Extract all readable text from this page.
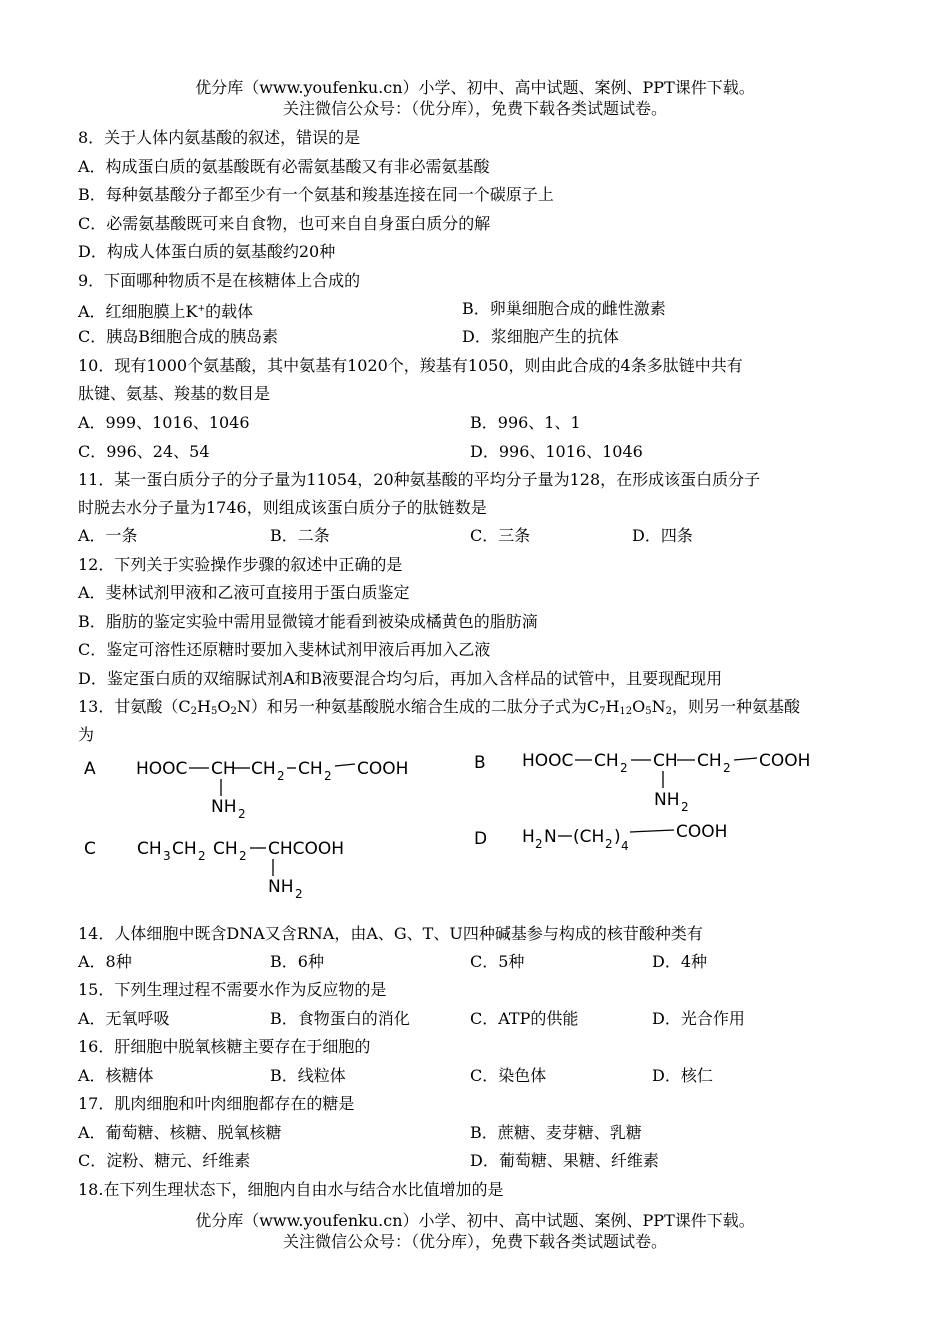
优分库（www.youfenku.cn）小学、初中、高中试题、案例、PPT课件下载。
关注微信公众号：（优分库），免费下载各类试题试卷。
8．关于人体内氨基酸的叙述，错误的是
A．构成蛋白质的氨基酸既有必需氨基酸又有非必需氨基酸
B．每种氨基酸分子都至少有一个氨基和羧基连接在同一个碳原子上
C．必需氨基酸既可来自食物，也可来自自身蛋白质分的解
D．构成人体蛋白质的氨基酸约20种
9．下面哪种物质不是在核糖体上合成的
A．红细胞膜上K+的载体	B．卵巢细胞合成的雌性激素
C．胰岛B细胞合成的胰岛素	D．浆细胞产生的抗体
10．现有1000个氨基酸，其中氨基有1020个，羧基有1050，则由此合成的4条多肽链中共有
肽键、氨基、羧基的数目是
A．999、1016、1046	B．996、1、1
C．996、24、54	D．996、1016、1046
11．某一蛋白质分子的分子量为11054，20种氨基酸的平均分子量为128，在形成该蛋白质分子
时脱去水分子量为1746，则组成该蛋白质分子的肽链数是
A．一条	B．二条	C．三条	D．四条
12．下列关于实验操作步骤的叙述中正确的是
A．斐林试剂甲液和乙液可直接用于蛋白质鉴定
B．脂肪的鉴定实验中需用显微镜才能看到被染成橘黄色的脂肪滴
C．鉴定可溶性还原糖时要加入斐林试剂甲液后再加入乙液
D．鉴定蛋白质的双缩脲试剂A和B液要混合均匀后，再加入含样品的试管中，且要现配现用
13．甘氨酸$(C_2H_5O_2N)$和另一种氨基酸脱水缩合生成的二肽分子式为$C_7H_{12}O_5N_2$，则另一种氨基酸
为
A HOOC CH CH 2 CH 2 COOH
NH 2
B HOOC CH 2 CH CH 2 COOH
NH 2
C CH 3 CH 2 CH 2 CHCOOH
NH 2
D H 2 N (CH 2 ) 4
COOH
14．人体细胞中既含DNA又含RNA，由A、G、T、U四种碱基参与构成的核苷酸种类有
A．8种	B．6种	C．5种	D．4种
15．下列生理过程不需要水作为反应物的是
A．无氧呼吸	B．食物蛋白的消化	C．ATP的供能	D．光合作用
16．肝细胞中脱氧核糖主要存在于细胞的
A．核糖体	B．线粒体	C．染色体	D．核仁
17．肌肉细胞和叶肉细胞都存在的糖是
A．葡萄糖、核糖、脱氧核糖	B．蔗糖、麦芽糖、乳糖
C．淀粉、糖元、纤维素	D．葡萄糖、果糖、纤维素
18.在下列生理状态下，细胞内自由水与结合水比值增加的是
优分库（www.youfenku.cn）小学、初中、高中试题、案例、PPT课件下载。
关注微信公众号：（优分库），免费下载各类试题试卷。
